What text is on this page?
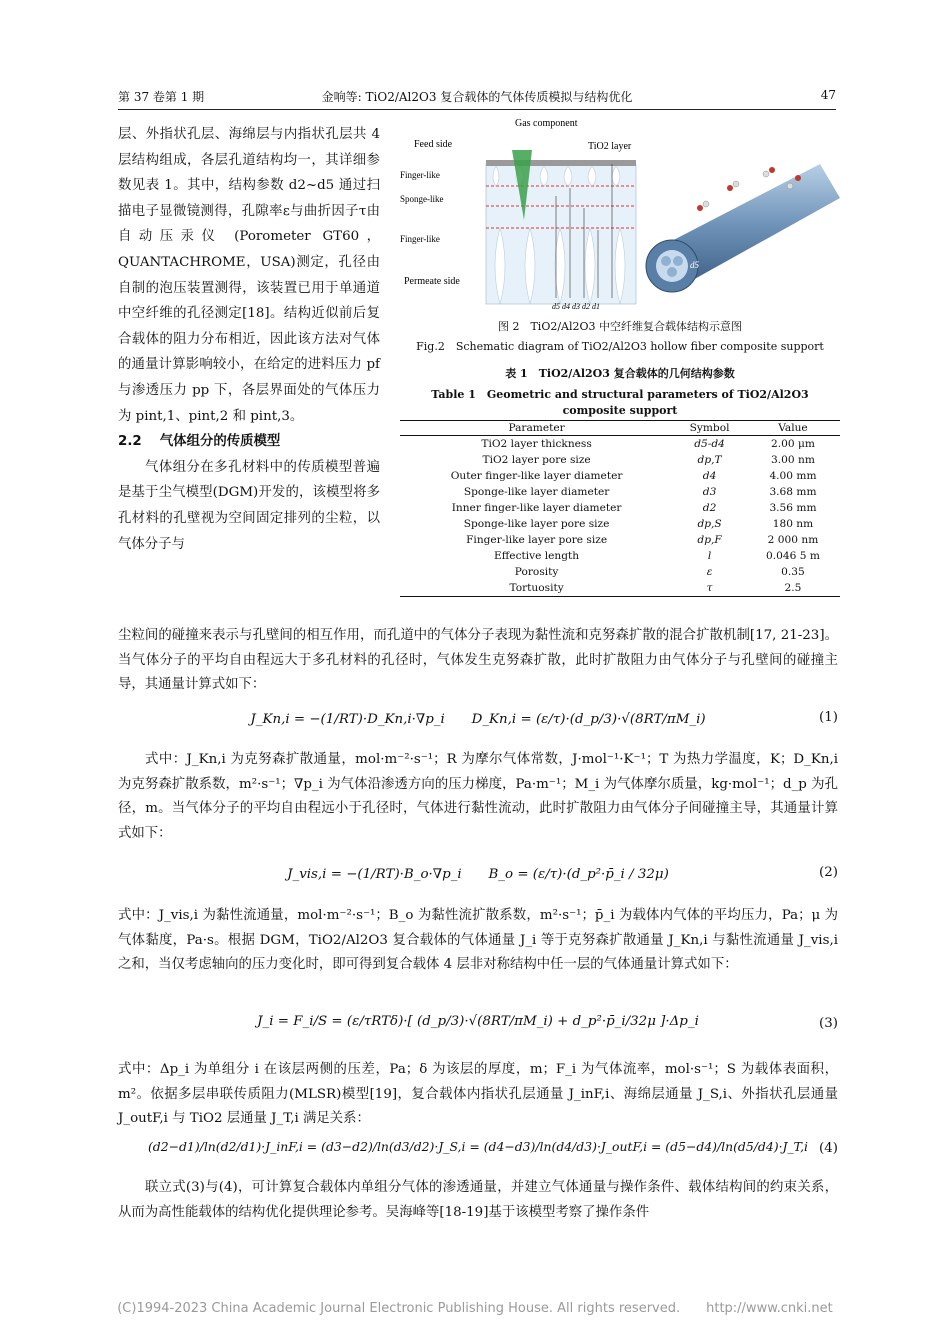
第 37 卷第 1 期	金响等: TiO2/Al2O3 复合载体的气体传质模拟与结构优化	47

层、外指状孔层、海绵层与内指状孔层共 4 层结构组成，各层孔道结构均一，其详细参数见表 1。其中，结构参数 d2~d5 通过扫描电子显微镜测得，孔隙率ε与曲折因子τ由自动压汞仪 (Porometer GT60，QUANTACHROME，USA)测定，孔径由自制的泡压装置测得，该装置已用于单通道中空纤维的孔径测定[18]。结构近似前后复合载体的阻力分布相近，因此该方法对气体的通量计算影响较小，在给定的进料压力 pf 与渗透压力 pp 下，各层界面处的气体压力为 pint,1、pint,2 和 pint,3。

2.2　 气体组分的传质模型

气体组分在多孔材料中的传质模型普遍是基于尘气模型(DGM)开发的，该模型将多孔材料的孔壁视为空间固定排列的尘粒，以气体分子与

Gas component
Feed side	TiO2 layer
Finger-like
Sponge-like
Finger-like
Permeate side
d5 d4 d3 d2 d1
d5
图 2　TiO2/Al2O3 中空纤维复合载体结构示意图
Fig.2　Schematic diagram of TiO2/Al2O3 hollow fiber composite support
表 1　TiO2/Al2O3 复合载体的几何结构参数
Table 1　Geometric and structural parameters of TiO2/Al2O3
composite support
Parameter	Symbol	Value
TiO2 layer thickness	d5-d4	2.00 μm
TiO2 layer pore size	dp,T	3.00 nm
Outer finger-like layer diameter	d4	4.00 mm
Sponge-like layer diameter	d3	3.68 mm
Inner finger-like layer diameter	d2	3.56 mm
Sponge-like layer pore size	dp,S	180 nm
Finger-like layer pore size	dp,F	2 000 nm
Effective length	l	0.046 5 m
Porosity	ε	0.35
Tortuosity	τ	2.5

尘粒间的碰撞来表示与孔壁间的相互作用，而孔道中的气体分子表现为黏性流和克努森扩散的混合扩散机制[17, 21-23]。当气体分子的平均自由程远大于多孔材料的孔径时，气体发生克努森扩散，此时扩散阻力由气体分子与孔壁间的碰撞主导，其通量计算式如下：

J_Kn,i = −(1/RT)·D_Kn,i·∇p_i　　D_Kn,i = (ε/τ)·(d_p/3)·√(8RT/πM_i)	(1)

式中：J_Kn,i 为克努森扩散通量，mol·m⁻²·s⁻¹；R 为摩尔气体常数，J·mol⁻¹·K⁻¹；T 为热力学温度，K；D_Kn,i 为克努森扩散系数，m²·s⁻¹；∇p_i 为气体沿渗透方向的压力梯度，Pa·m⁻¹；M_i 为气体摩尔质量，kg·mol⁻¹；d_p 为孔径，m。当气体分子的平均自由程远小于孔径时，气体进行黏性流动，此时扩散阻力由气体分子间碰撞主导，其通量计算式如下：

J_vis,i = −(1/RT)·B_o·∇p_i　　B_o = (ε/τ)·(d_p²·p̄_i / 32μ)	(2)

式中：J_vis,i 为黏性流通量，mol·m⁻²·s⁻¹；B_o 为黏性流扩散系数，m²·s⁻¹；p̄_i 为载体内气体的平均压力，Pa；μ 为气体黏度，Pa·s。根据 DGM，TiO2/Al2O3 复合载体的气体通量 J_i 等于克努森扩散通量 J_Kn,i 与黏性流通量 J_vis,i 之和，当仅考虑轴向的压力变化时，即可得到复合载体 4 层非对称结构中任一层的气体通量计算式如下：

J_i = F_i/S = (ε/τRTδ)·[ (d_p/3)·√(8RT/πM_i) + d_p²·p̄_i/32μ ]·Δp_i	(3)

式中：Δp_i 为单组分 i 在该层两侧的压差，Pa；δ 为该层的厚度，m；F_i 为气体流率，mol·s⁻¹；S 为载体表面积，m²。依据多层串联传质阻力(MLSR)模型[19]，复合载体内指状孔层通量 J_inF,i、海绵层通量 J_S,i、外指状孔层通量 J_outF,i 与 TiO2 层通量 J_T,i 满足关系：

(d2−d1)/ln(d2/d1)·J_inF,i = (d3−d2)/ln(d3/d2)·J_S,i = (d4−d3)/ln(d4/d3)·J_outF,i = (d5−d4)/ln(d5/d4)·J_T,i (4)

联立式(3)与(4)，可计算复合载体内单组分气体的渗透通量，并建立气体通量与操作条件、载体结构间的约束关系，从而为高性能载体的结构优化提供理论参考。吴海峰等[18-19]基于该模型考察了操作条件

(C)1994-2023 China Academic Journal Electronic Publishing House. All rights reserved.　　http://www.cnki.net
